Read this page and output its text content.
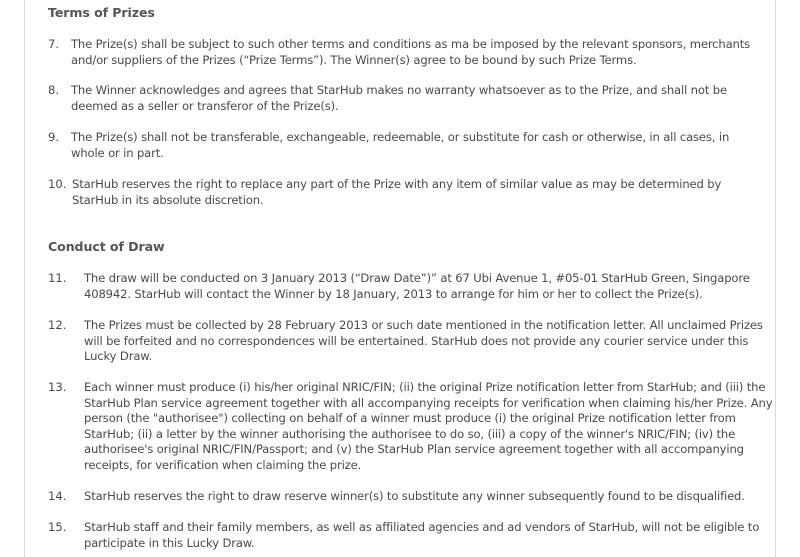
Terms of Prizes
7. The Prize(s) shall be subject to such other terms and conditions as ma be imposed by the relevant sponsors, merchants and/or suppliers of the Prizes (“Prize Terms”). The Winner(s) agree to be bound by such Prize Terms.
8. The Winner acknowledges and agrees that StarHub makes no warranty whatsoever as to the Prize, and shall not be deemed as a seller or transferor of the Prize(s).
9. The Prize(s) shall not be transferable, exchangeable, redeemable, or substitute for cash or otherwise, in all cases, in whole or in part.
10. StarHub reserves the right to replace any part of the Prize with any item of similar value as may be determined by StarHub in its absolute discretion.
Conduct of Draw
11. The draw will be conducted on 3 January 2013 (“Draw Date”)” at 67 Ubi Avenue 1, #05-01 StarHub Green, Singapore 408942. StarHub will contact the Winner by 18 January, 2013 to arrange for him or her to collect the Prize(s).
12. The Prizes must be collected by 28 February 2013 or such date mentioned in the notification letter. All unclaimed Prizes will be forfeited and no correspondences will be entertained. StarHub does not provide any courier service under this Lucky Draw.
13. Each winner must produce (i) his/her original NRIC/FIN; (ii) the original Prize notification letter from StarHub; and (iii) the StarHub Plan service agreement together with all accompanying receipts for verification when claiming his/her Prize. Any person (the "authorisee") collecting on behalf of a winner must produce (i) the original Prize notification letter from StarHub; (ii) a letter by the winner authorising the authorisee to do so, (iii) a copy of the winner's NRIC/FIN; (iv) the authorisee's original NRIC/FIN/Passport; and (v) the StarHub Plan service agreement together with all accompanying receipts, for verification when claiming the prize.
14. StarHub reserves the right to draw reserve winner(s) to substitute any winner subsequently found to be disqualified.
15. StarHub staff and their family members, as well as affiliated agencies and ad vendors of StarHub, will not be eligible to participate in this Lucky Draw.
